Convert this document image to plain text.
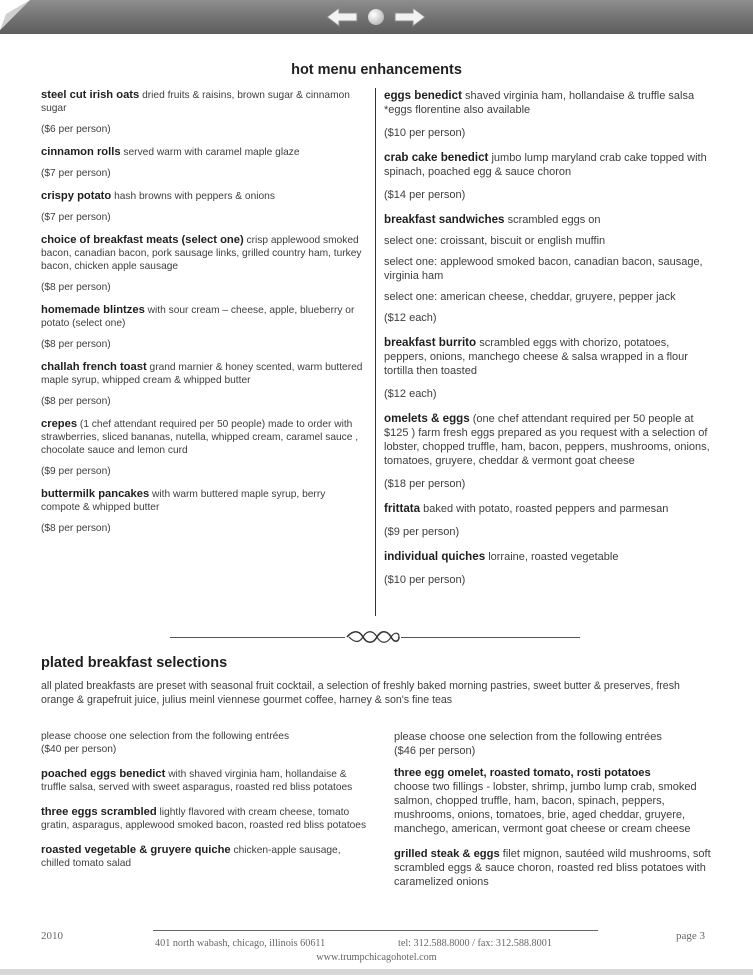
hot menu enhancements
steel cut irish oats dried fruits & raisins, brown sugar & cinnamon sugar
($6 per person)
cinnamon rolls served warm with caramel maple glaze
($7 per person)
crispy potato hash browns with peppers & onions
($7 per person)
choice of breakfast meats (select one) crisp applewood smoked bacon, canadian bacon, pork sausage links, grilled country ham, turkey bacon, chicken apple sausage
($8 per person)
homemade blintzes with sour cream – cheese, apple, blueberry or potato (select one)
($8 per person)
challah french toast grand marnier & honey scented, warm buttered maple syrup, whipped cream & whipped butter
($8 per person)
crepes (1 chef attendant required per 50 people) made to order with strawberries, sliced bananas, nutella, whipped cream, caramel sauce , chocolate sauce and lemon curd
($9 per person)
buttermilk pancakes with warm buttered maple syrup, berry compote & whipped butter
($8 per person)
eggs benedict shaved virginia ham, hollandaise & truffle salsa *eggs florentine also available
($10 per person)
crab cake benedict jumbo lump maryland crab cake topped with spinach, poached egg & sauce choron
($14 per person)
breakfast sandwiches scrambled eggs on
select one: croissant, biscuit or english muffin
select one: applewood smoked bacon, canadian bacon, sausage, virginia ham
select one: american cheese, cheddar, gruyere, pepper jack
($12 each)
breakfast burrito scrambled eggs with chorizo, potatoes, peppers, onions, manchego cheese & salsa wrapped in a flour tortilla then toasted
($12 each)
omelets & eggs (one chef attendant required per 50 people at $125 ) farm fresh eggs prepared as you request with a selection of lobster, chopped truffle, ham, bacon, peppers, mushrooms, onions, tomatoes, gruyere, cheddar & vermont goat cheese
($18 per person)
frittata baked with potato, roasted peppers and parmesan
($9 per person)
individual quiches lorraine, roasted vegetable
($10 per person)
plated breakfast selections
all plated breakfasts are preset with seasonal fruit cocktail, a selection of freshly baked morning pastries, sweet butter & preserves, fresh orange & grapefruit juice, julius meinl viennese gourmet coffee, harney & son's fine teas
please choose one selection from the following entrées
($40 per person)
poached eggs benedict with shaved virginia ham, hollandaise & truffle salsa, served with sweet asparagus, roasted red bliss potatoes
three eggs scrambled lightly flavored with cream cheese, tomato gratin, asparagus, applewood smoked bacon, roasted red bliss potatoes
roasted vegetable & gruyere quiche chicken-apple sausage, chilled tomato salad
please choose one selection from the following entrées
($46 per person)
three egg omelet, roasted tomato, rosti potatoes
choose two fillings - lobster, shrimp, jumbo lump crab, smoked salmon, chopped truffle, ham, bacon, spinach, peppers, mushrooms, onions, tomatoes, brie, aged cheddar, gruyere, manchego, american, vermont goat cheese or cream cheese
grilled steak & eggs filet mignon, sautéed wild mushrooms, soft scrambled eggs & sauce choron, roasted red bliss potatoes with caramelized onions
2010
401 north wabash, chicago, illinois 60611	tel: 312.588.8000 / fax: 312.588.8001
www.trumpchicagohotel.com
page 3
